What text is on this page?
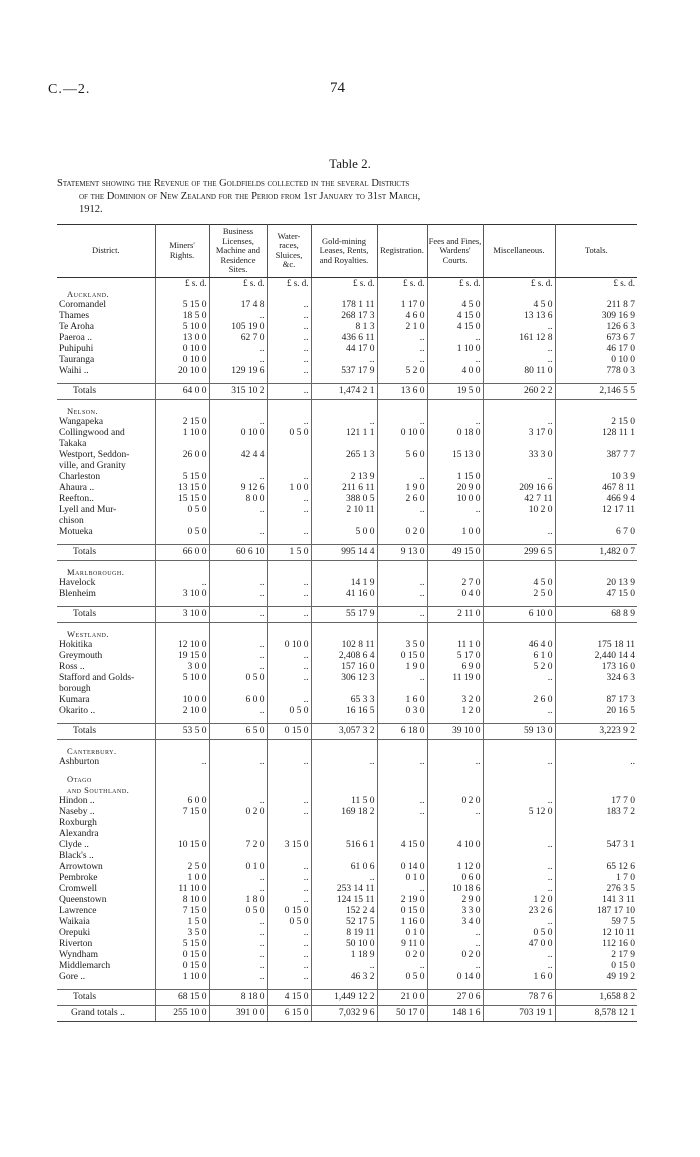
C.—2.	74
Table 2.
Statement showing the Revenue of the Goldfields collected in the several Districts
of the Dominion of New Zealand for the Period from 1st January to 31st March,
1912.
District.	Miners' Rights.	Business Licenses, Machine and Residence Sites.	Water-races, Sluices, &c.	Gold-mining Leases, Rents, and Royalties.	Registration.	Fees and Fines, Wardens' Courts.	Miscellaneous.	Totals.
	£ s. d.	£ s. d.	£ s. d.	£ s. d.	£ s. d.	£ s. d.	£ s. d.	£ s. d.
Auckland.								
Coromandel	5 15 0	17 4 8	..	178 1 11	1 17 0	4 5 0	4 5 0	211 8 7
Thames	18 5 0	..	..	268 17 3	4 6 0	4 15 0	13 13 6	309 16 9
Te Aroha	5 10 0	105 19 0	..	8 1 3	2 1 0	4 15 0	..	126 6 3
Paeroa ..	13 0 0	62 7 0	..	436 6 11	..	..	161 12 8	673 6 7
Puhipuhi	0 10 0	..	..	44 17 0	..	1 10 0	..	46 17 0
Tauranga	0 10 0	..	..	..	..	..	..	0 10 0
Waihi ..	20 10 0	129 19 6	..	537 17 9	5 2 0	4 0 0	80 11 0	778 0 3

Totals	64 0 0	315 10 2	..	1,474 2 1	13 6 0	19 5 0	260 2 2	2,146 5 5

Nelson.								
Wangapeka	2 15 0	..	..	..	..	..	..	2 15 0
Collingwood and	1 10 0	0 10 0	0 5 0	121 1 1	0 10 0	0 18 0	3 17 0	128 11 1
Takaka								
Westport, Seddon-	26 0 0	42 4 4		265 1 3	5 6 0	15 13 0	33 3 0	387 7 7
ville, and Granity								
Charleston	5 15 0	..	..	2 13 9	..	1 15 0	..	10 3 9
Ahaura ..	13 15 0	9 12 6	1 0 0	211 6 11	1 9 0	20 9 0	209 16 6	467 8 11
Reefton..	15 15 0	8 0 0	..	388 0 5	2 6 0	10 0 0	42 7 11	466 9 4
Lyell and Mur-	0 5 0	..	..	2 10 11	..	..	10 2 0	12 17 11
chison								
Motueka	0 5 0	..	..	5 0 0	0 2 0	1 0 0	..	6 7 0

Totals	66 0 0	60 6 10	1 5 0	995 14 4	9 13 0	49 15 0	299 6 5	1,482 0 7

Marlborough.								
Havelock	..	..	..	14 1 9	..	2 7 0	4 5 0	20 13 9
Blenheim	3 10 0	..	..	41 16 0	..	0 4 0	2 5 0	47 15 0

Totals	3 10 0	..	..	55 17 9	..	2 11 0	6 10 0	68 8 9

Westland.								
Hokitika	12 10 0	..	0 10 0	102 8 11	3 5 0	11 1 0	46 4 0	175 18 11
Greymouth	19 15 0	..	..	2,408 6 4	0 15 0	5 17 0	6 1 0	2,440 14 4
Ross ..	3 0 0	..	..	157 16 0	1 9 0	6 9 0	5 2 0	173 16 0
Stafford and Golds-	5 10 0	0 5 0	..	306 12 3	..	11 19 0	..	324 6 3
borough								
Kumara	10 0 0	6 0 0	..	65 3 3	1 6 0	3 2 0	2 6 0	87 17 3
Okarito ..	2 10 0	..	0 5 0	16 16 5	0 3 0	1 2 0	..	20 16 5

Totals	53 5 0	6 5 0	0 15 0	3,057 3 2	6 18 0	39 10 0	59 13 0	3,223 9 2

Canterbury.								
Ashburton	..	..	..	..	..	..	..	..

Otago								
and Southland.								
Hindon ..	6 0 0	..	..	11 5 0	..	0 2 0	..	17 7 0
Naseby ..	7 15 0	0 2 0	..	169 18 2	..	..	5 12 0	183 7 2
Roxburgh								
Alexandra								
Clyde ..	10 15 0	7 2 0	3 15 0	516 6 1	4 15 0	4 10 0	..	547 3 1
Black's ..								
Arrowtown	2 5 0	0 1 0	..	61 0 6	0 14 0	1 12 0	..	65 12 6
Pembroke	1 0 0	..	..	..	0 1 0	0 6 0	..	1 7 0
Cromwell	11 10 0	..	..	253 14 11	..	10 18 6	..	276 3 5
Queenstown	8 10 0	1 8 0	..	124 15 11	2 19 0	2 9 0	1 2 0	141 3 11
Lawrence	7 15 0	0 5 0	0 15 0	152 2 4	0 15 0	3 3 0	23 2 6	187 17 10
Waikaia	1 5 0	..	0 5 0	52 17 5	1 16 0	3 4 0	..	59 7 5
Orepuki	3 5 0	..	..	8 19 11	0 1 0	..	0 5 0	12 10 11
Riverton	5 15 0	..	..	50 10 0	9 11 0	..	47 0 0	112 16 0
Wyndham	0 15 0	..	..	1 18 9	0 2 0	0 2 0	..	2 17 9
Middlemarch	0 15 0	..	..	..	..	..	..	0 15 0
Gore ..	1 10 0	..	..	46 3 2	0 5 0	0 14 0	1 6 0	49 19 2

Totals	68 15 0	8 18 0	4 15 0	1,449 12 2	21 0 0	27 0 6	78 7 6	1,658 8 2
Grand totals ..	255 10 0	391 0 0	6 15 0	7,032 9 6	50 17 0	148 1 6	703 19 1	8,578 12 1
